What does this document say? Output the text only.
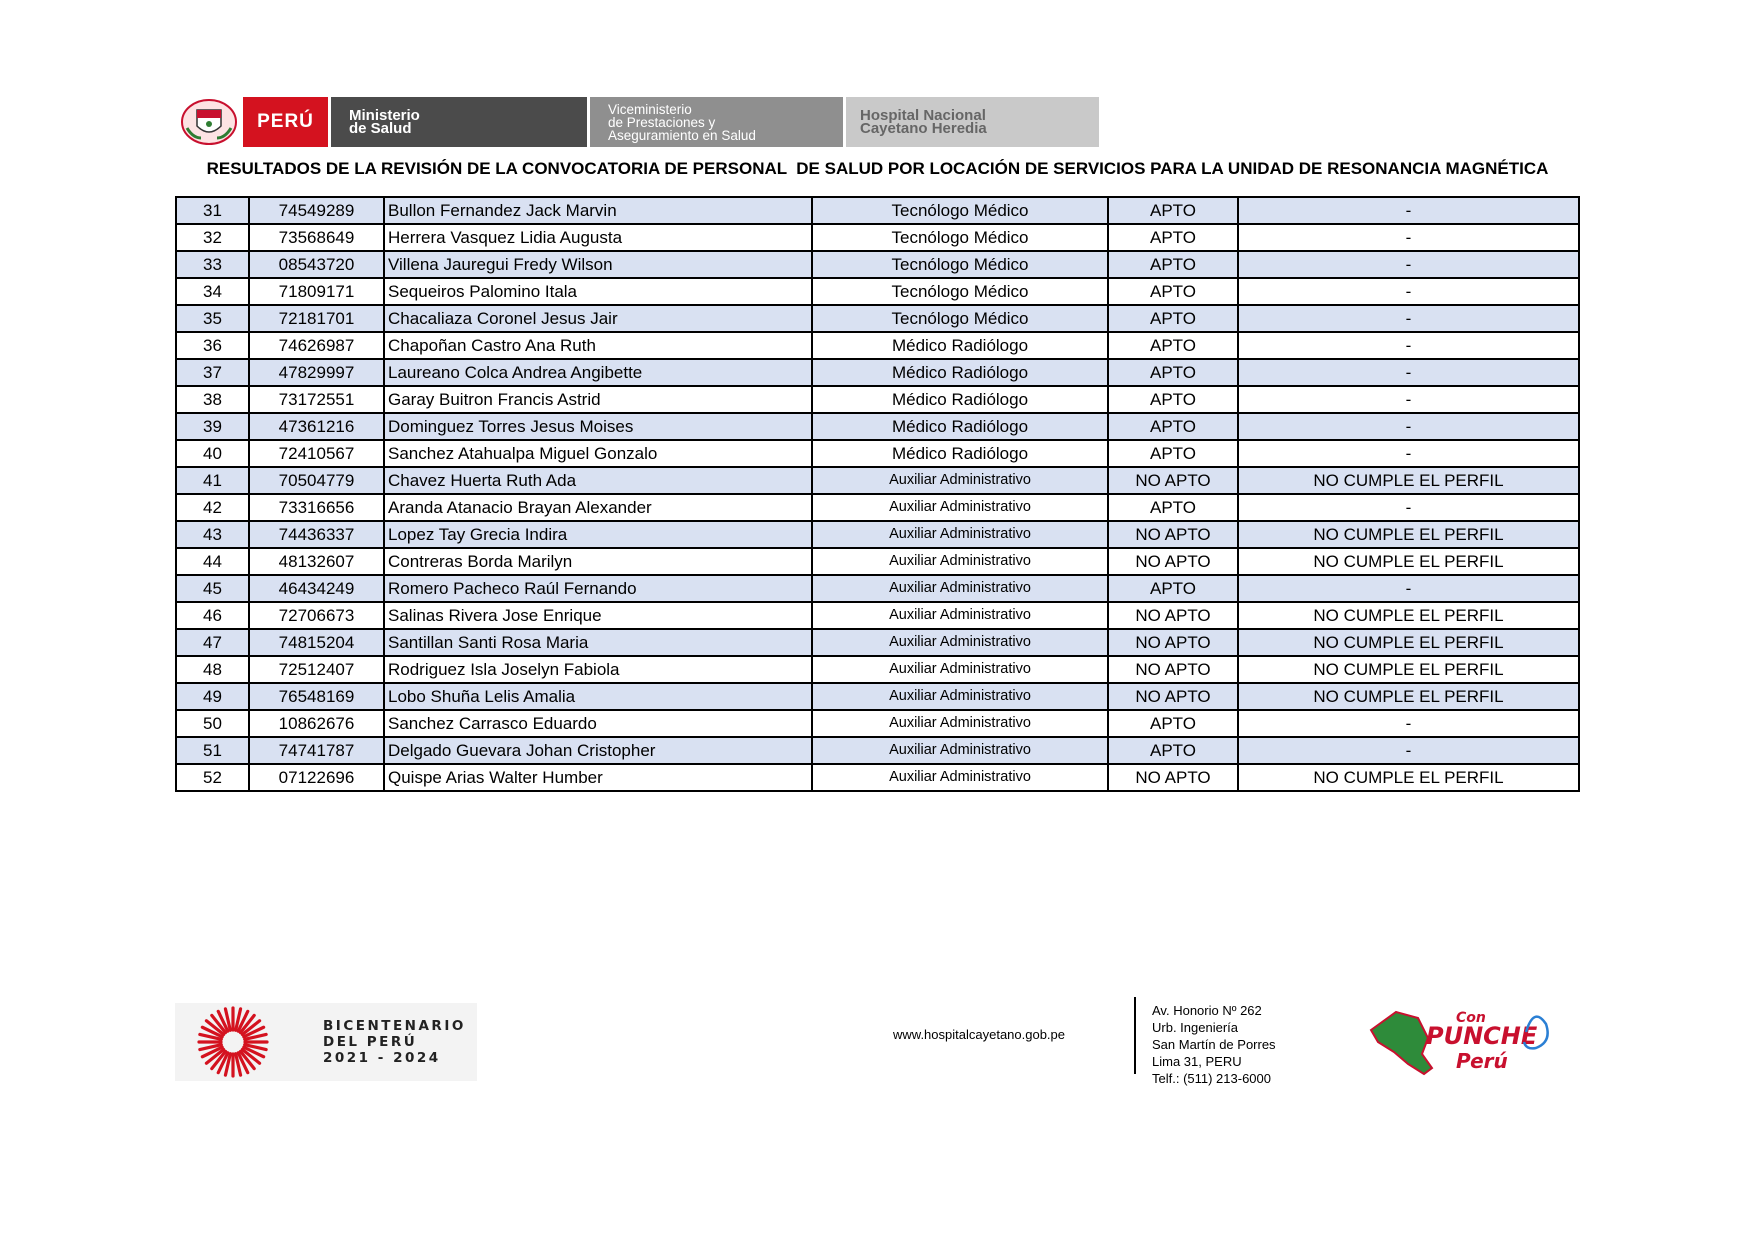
PERÚ Ministerio
de Salud
Viceministerio
de Prestaciones y
Aseguramiento en Salud
Hospital Nacional
Cayetano Heredia
RESULTADOS DE LA REVISIÓN DE LA CONVOCATORIA DE PERSONAL  DE SALUD POR LOCACIÓN DE SERVICIOS PARA LA UNIDAD DE RESONANCIA MAGNÉTICA
31	74549289	Bullon Fernandez Jack Marvin	Tecnólogo Médico	APTO	-
32	73568649	Herrera Vasquez Lidia Augusta	Tecnólogo Médico	APTO	-
33	08543720	Villena Jauregui Fredy Wilson	Tecnólogo Médico	APTO	-
34	71809171	Sequeiros Palomino Itala	Tecnólogo Médico	APTO	-
35	72181701	Chacaliaza Coronel Jesus Jair	Tecnólogo Médico	APTO	-
36	74626987	Chapoñan Castro Ana Ruth	Médico Radiólogo	APTO	-
37	47829997	Laureano Colca Andrea Angibette	Médico Radiólogo	APTO	-
38	73172551	Garay Buitron Francis Astrid	Médico Radiólogo	APTO	-
39	47361216	Dominguez Torres Jesus Moises	Médico Radiólogo	APTO	-
40	72410567	Sanchez Atahualpa Miguel Gonzalo	Médico Radiólogo	APTO	-
41	70504779	Chavez Huerta Ruth Ada	Auxiliar Administrativo	NO APTO	NO CUMPLE EL PERFIL
42	73316656	Aranda Atanacio Brayan Alexander	Auxiliar Administrativo	APTO	-
43	74436337	Lopez Tay Grecia Indira	Auxiliar Administrativo	NO APTO	NO CUMPLE EL PERFIL
44	48132607	Contreras Borda Marilyn	Auxiliar Administrativo	NO APTO	NO CUMPLE EL PERFIL
45	46434249	Romero Pacheco Raúl Fernando	Auxiliar Administrativo	APTO	-
46	72706673	Salinas Rivera Jose Enrique	Auxiliar Administrativo	NO APTO	NO CUMPLE EL PERFIL
47	74815204	Santillan Santi Rosa Maria	Auxiliar Administrativo	NO APTO	NO CUMPLE EL PERFIL
48	72512407	Rodriguez Isla Joselyn Fabiola	Auxiliar Administrativo	NO APTO	NO CUMPLE EL PERFIL
49	76548169	Lobo Shuña Lelis Amalia	Auxiliar Administrativo	NO APTO	NO CUMPLE EL PERFIL
50	10862676	Sanchez Carrasco Eduardo	Auxiliar Administrativo	APTO	-
51	74741787	Delgado Guevara Johan Cristopher	Auxiliar Administrativo	APTO	-
52	07122696	Quispe Arias Walter Humber	Auxiliar Administrativo	NO APTO	NO CUMPLE EL PERFIL
BICENTENARIO
DEL PERÚ
2021 - 2024
www.hospitalcayetano.gob.pe
Av. Honorio Nº 262
Urb. Ingeniería
San Martín de Porres
Lima 31, PERU
Telf.: (511) 213-6000
Con
PUNCHE
Perú
